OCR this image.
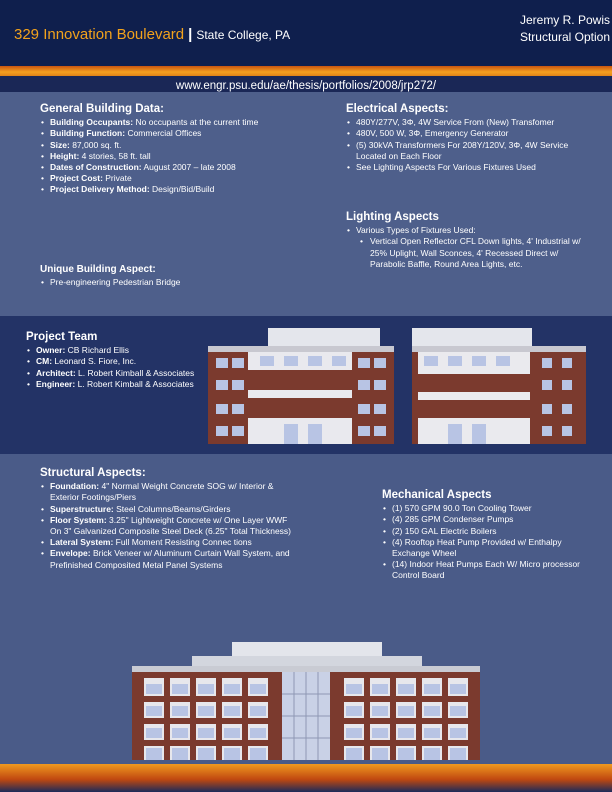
329 Innovation Boulevard | State College, PA
Jeremy R. Powis
Structural Option
www.engr.psu.edu/ae/thesis/portfolios/2008/jrp272/
General Building Data:
• Building Occupants: No occupants at the current time
• Building Function: Commercial Offices
• Size: 87,000 sq. ft.
• Height: 4 stories, 58 ft. tall
• Dates of Construction: August 2007 – late 2008
• Project Cost: Private
• Project Delivery Method: Design/Bid/Build
Unique Building Aspect:
• Pre-engineering Pedestrian Bridge
Electrical Aspects:
• 480Y/277V, 3Φ, 4W Service From (New) Transfomer
• 480V, 500 W, 3Φ, Emergency Generator
• (5) 30kVA Transformers For 208Y/120V, 3Φ, 4W Service Located on Each Floor
• See Lighting Aspects For Various Fixtures Used
Lighting Aspects
• Various Types of Fixtures Used:
• Vertical Open Reflector CFL Down lights, 4' Industrial w/ 25% Uplight, Wall Sconces, 4' Recessed Direct w/ Parabolic Baffle, Round Area Lights, etc.
Project Team
• Owner: CB Richard Ellis
• CM: Leonard S. Fiore, Inc.
• Architect: L. Robert Kimball & Associates
• Engineer: L. Robert Kimball & Associates
Structural Aspects:
• Foundation: 4" Normal Weight Concrete SOG w/ Interior & Exterior Footings/Piers
• Superstructure: Steel Columns/Beams/Girders
• Floor System: 3.25" Lightweight Concrete w/ One Layer WWF On 3" Galvanized Composite Steel Deck (6.25" Total Thickness)
• Lateral System: Full Moment Resisting Connec tions
• Envelope: Brick Veneer w/ Aluminum Curtain Wall System, and Prefinished Composited Metal Panel Systems
Mechanical Aspects
• (1) 570 GPM 90.0 Ton Cooling Tower
• (4) 285 GPM Condenser Pumps
• (2) 150 GAL Electric Boilers
• (4) Rooftop Heat Pump Provided w/ Enthalpy Exchange Wheel
• (14) Indoor Heat Pumps Each W/ Micro processor Control Board
